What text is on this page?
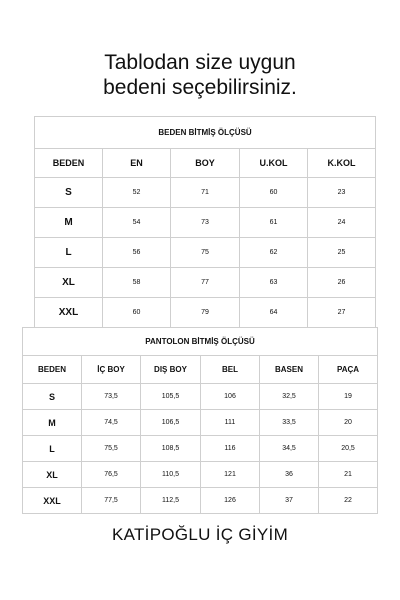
Tablodan size uygun
bedeni seçebilirsiniz.
BEDEN BİTMİŞ ÖLÇÜSÜ				
BEDEN	EN	BOY	U.KOL	K.KOL
S	52	71	60	23
M	54	73	61	24
L	56	75	62	25
XL	58	77	63	26
XXL	60	79	64	27
PANTOLON BİTMİŞ ÖLÇÜSÜ					
BEDEN	İÇ BOY	DIŞ BOY	BEL	BASEN	PAÇA
S	73,5	105,5	106	32,5	19
M	74,5	106,5	111	33,5	20
L	75,5	108,5	116	34,5	20,5
XL	76,5	110,5	121	36	21
XXL	77,5	112,5	126	37	22
KATİPOĞLU İÇ GİYİM
